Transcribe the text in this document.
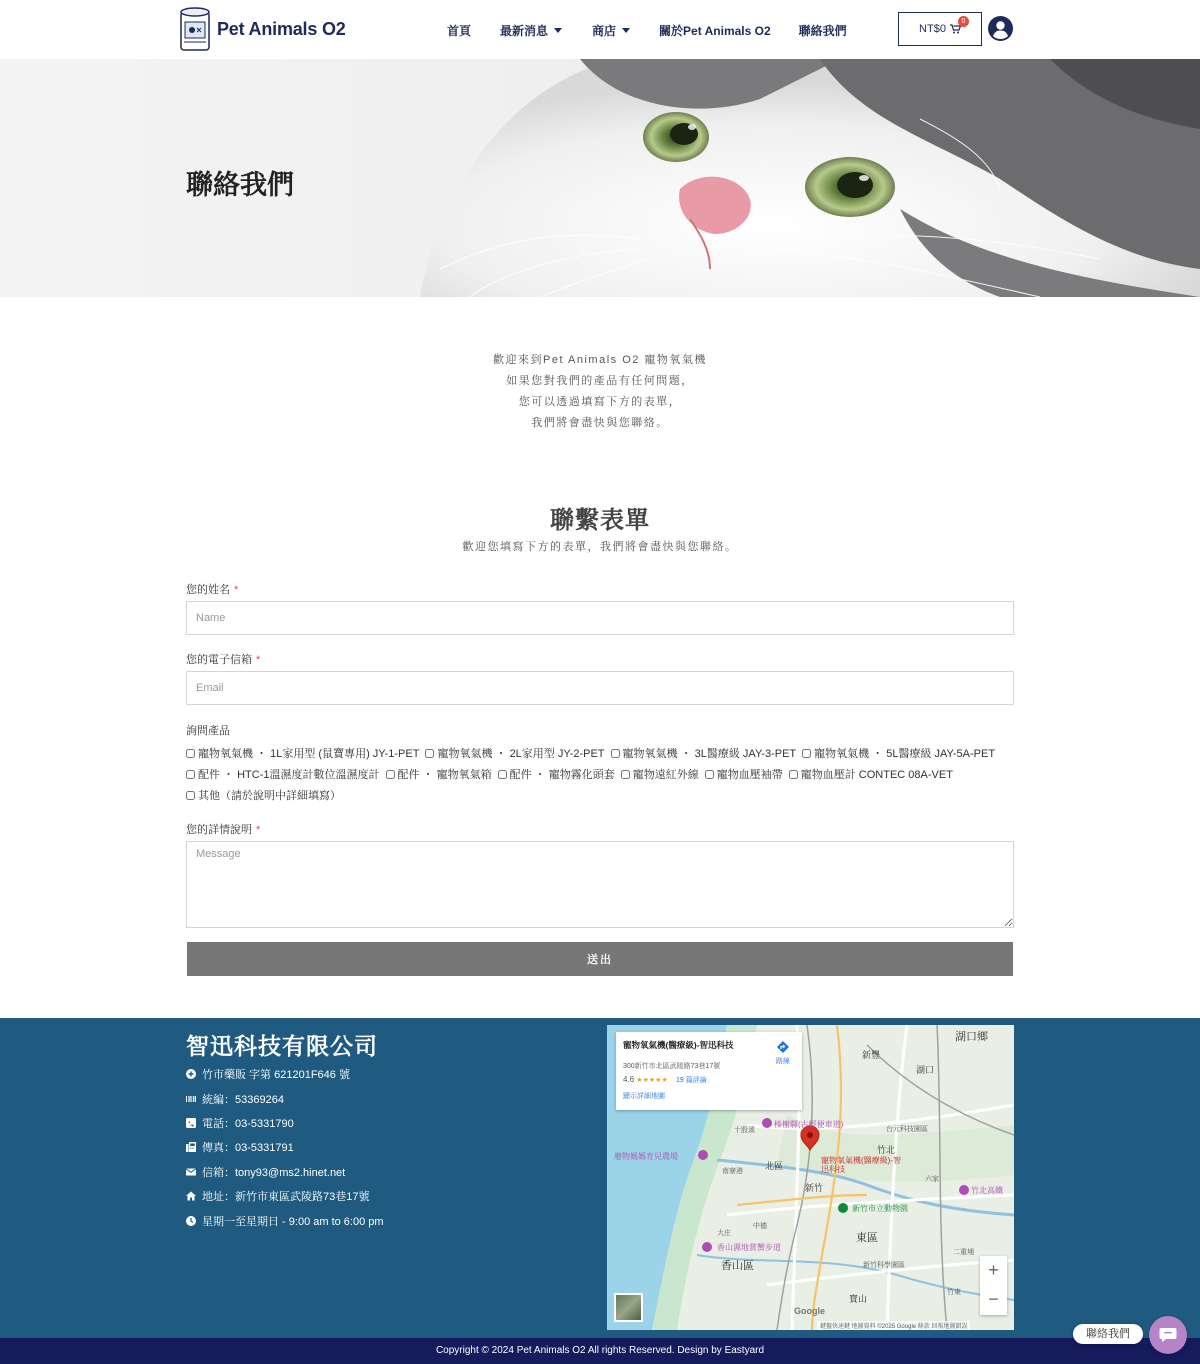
Pet Animals O2	首頁 最新消息	商店	關於Pet Animals O2 聯絡我們	NT$0
0
聯絡我們
歡迎來到Pet Animals O2 寵物氧氣機
如果您對我們的產品有任何問題，
您可以透過填寫下方的表單，
我們將會盡快與您聯絡。
聯繫表單
歡迎您填寫下方的表單，我們將會盡快與您聯絡。
您的姓名 *
Name
您的電子信箱 *
Email
詢問產品
寵物氧氣機 ・ 1L家用型 (鼠寶專用) JY-1-PET 寵物氧氣機 ・ 2L家用型 JY-2-PET 寵物氧氣機 ・ 3L醫療級 JAY-3-PET 寵物氧氣機 ・ 5L醫療級 JAY-5A-PET
配件 ・ HTC-1溫濕度計數位溫濕度計 配件 ・ 寵物氧氣箱 配件 ・ 寵物霧化頭套 寵物遠紅外線 寵物血壓袖帶 寵物血壓計 CONTEC 08A-VET
其他（請於說明中詳細填寫）
您的詳情說明 *
Message
送出
智迅科技有限公司
竹市藥販 字第 621201F646 號
統編：53369264
電話：03-5331790
傳真：03-5331791
信箱：tony93@ms2.hinet.net
地址：新竹市東區武陵路73巷17號
星期一至星期日 - 9:00 am to 6:00 pm
寵物氧氣機(醫療級)-智迅科技
300新竹市北區武陵路73巷17號
4.6 ★★★★★ 19 篇評論
顯示詳細地圖
路線
湖口鄉
新豐
湖口
台元科技園區
榛榭驛(古輕便車道)
十股溪
廢物媽媽育兒農場
竹北
南寮港
北區
寵物氧氣機(醫療級)-智迅科技
六家
新竹	竹北高鐵
新竹市立動物園
中德
大庄	東區
香山濕地賞蟹步道
二重埔
香山區	新竹科學園區
寶山
竹東
Google
+
−
鍵盤快速鍵 地圖資料 ©2025 Google 條款 回報地圖錯誤
Copyright © 2024 Pet Animals O2 All rights Reserved. Design by Eastyard
聯絡我們
